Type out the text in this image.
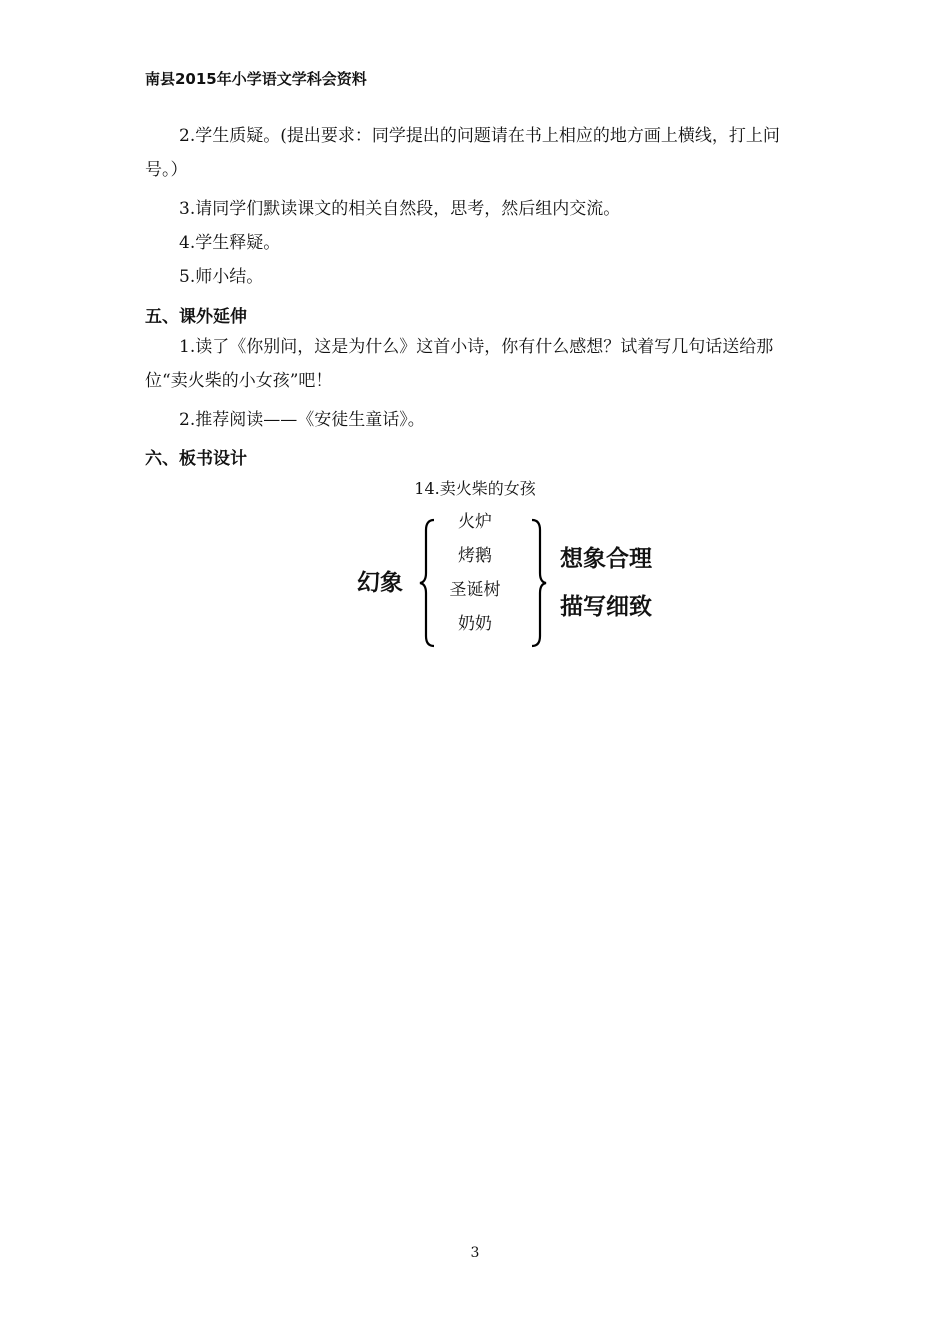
南县2015年小学语文学科会资料
2.学生质疑。(提出要求：同学提出的问题请在书上相应的地方画上横线，打上问号。）
3.请同学们默读课文的相关自然段，思考，然后组内交流。
4.学生释疑。
5.师小结。
五、课外延伸
1.读了《你别问，这是为什么》这首小诗，你有什么感想？试着写几句话送给那位“卖火柴的小女孩”吧！
2.推荐阅读——《安徒生童话》。
六、板书设计
14.卖火柴的女孩
幻象
火炉
烤鹅
圣诞树
奶奶
想象合理
描写细致
3
